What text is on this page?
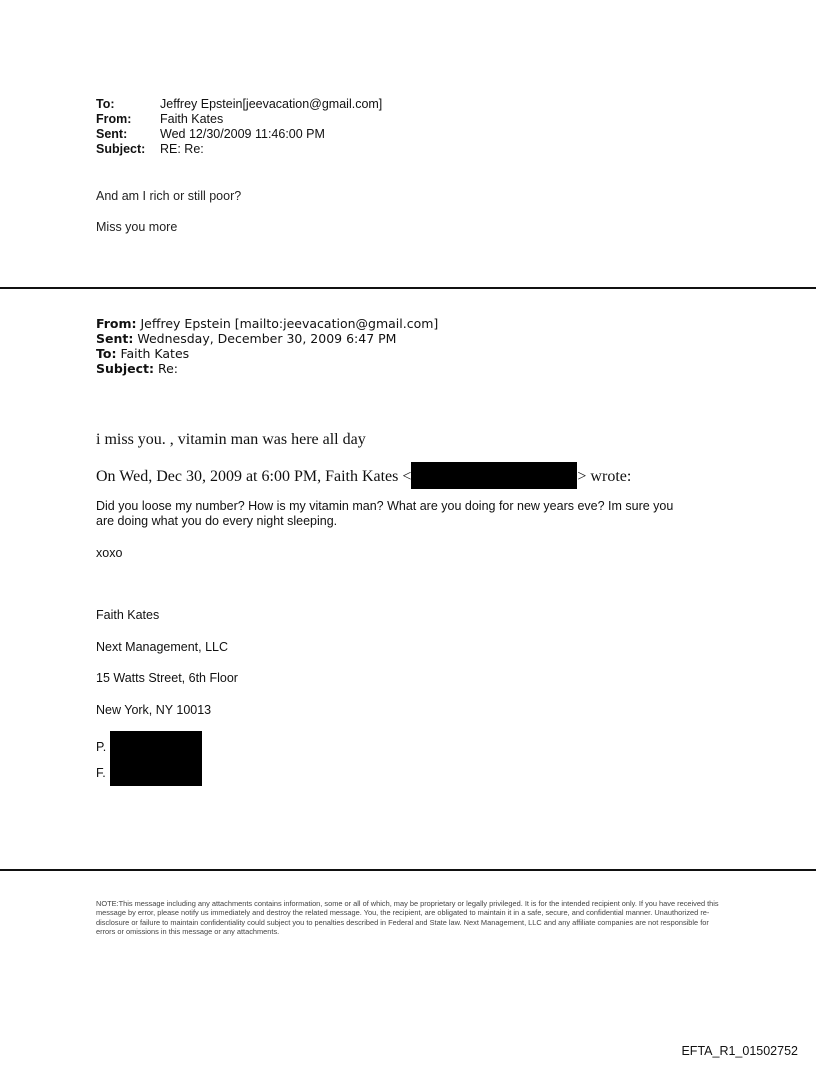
To:	Jeffrey Epstein[jeevacation@gmail.com]
From: Faith Kates
Sent:	Wed 12/30/2009 11:46:00 PM
Subject: RE: Re:
And am I rich or still poor?
Miss you more
From: Jeffrey Epstein [mailto:jeevacation@gmail.com]
Sent: Wednesday, December 30, 2009 6:47 PM
To: Faith Kates
Subject: Re:
i miss you. , vitamin man was here all day
On Wed, Dec 30, 2009 at 6:00 PM, Faith Kates <	> wrote:
Did you loose my number? How is my vitamin man? What are you doing for new years eve? Im sure you
are doing what you do every night sleeping.
xoxo
Faith Kates
Next Management, LLC
15 Watts Street, 6th Floor
New York, NY 10013
P.
F.
NOTE:This message including any attachments contains information, some or all of which, may be proprietary or legally privileged. It is for the intended recipient only. If you have received this message by error, please notify us immediately and destroy the related message. You, the recipient, are obligated to maintain it in a safe, secure, and confidential manner. Unauthorized re-disclosure or failure to maintain confidentiality could subject you to penalties described in Federal and State law. Next Management, LLC and any affiliate companies are not responsible for errors or omissions in this message or any attachments.
EFTA_R1_01502752
